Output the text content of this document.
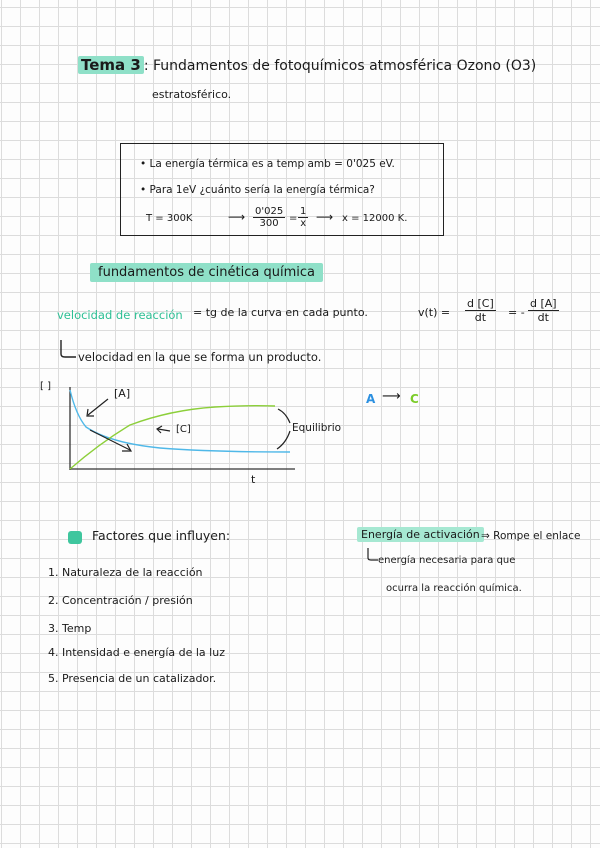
Tema 3 : Fundamentos de fotoquímicos atmosférica Ozono (O3)
estratosférico.
• La energía térmica es a temp amb = 0'025 eV.
• Para 1eV ¿cuánto sería la energía térmica?
T = 300K	⟶ $\frac{0'025}{300} = \frac{1}{x}$ ⟶ x = 12000 K.
fundamentos de cinética química
velocidad de reacción = tg de la curva en cada punto.	$v(t) = \frac{d [C]}{dt}$ = - $\frac{d [A]}{dt}$
velocidad en la que se forma un producto.
[ ]
[A]
[C]	Equilibrio
t
A ⟶ C
Factores que influyen:
1. Naturaleza de la reacción
2. Concentración / presión
3. Temp
4. Intensidad e energía de la luz
5. Presencia de un catalizador.
Energía de activación ⇒ Rompe el enlace
energía necesaria para que
ocurra la reacción química.
